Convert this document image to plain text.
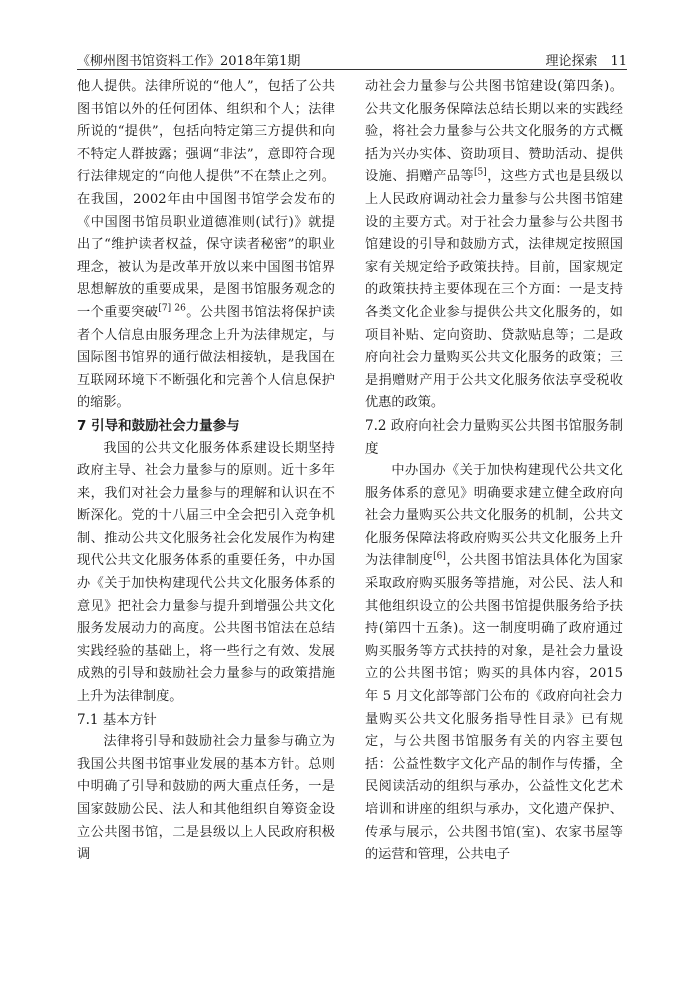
《柳州图书馆资料工作》2018年第1期	理论探索　11

他人提供。法律所说的“他人”，包括了公共图书馆以外的任何团体、组织和个人；法律所说的“提供”，包括向特定第三方提供和向不特定人群披露；强调“非法”，意即符合现行法律规定的“向他人提供”不在禁止之列。在我国，2002年由中国图书馆学会发布的《中国图书馆员职业道德准则(试行)》就提出了“维护读者权益，保守读者秘密”的职业理念，被认为是改革开放以来中国图书馆界思想解放的重要成果，是图书馆服务观念的一个重要突破$^{[7] 26}$。公共图书馆法将保护读者个人信息由服务理念上升为法律规定，与国际图书馆界的通行做法相接轨，是我国在互联网环境下不断强化和完善个人信息保护的缩影。

7 引导和鼓励社会力量参与

我国的公共文化服务体系建设长期坚持政府主导、社会力量参与的原则。近十多年来，我们对社会力量参与的理解和认识在不断深化。党的十八届三中全会把引入竞争机制、推动公共文化服务社会化发展作为构建现代公共文化服务体系的重要任务，中办国办《关于加快构建现代公共文化服务体系的意见》把社会力量参与提升到增强公共文化服务发展动力的高度。公共图书馆法在总结实践经验的基础上，将一些行之有效、发展成熟的引导和鼓励社会力量参与的政策措施上升为法律制度。

7.1 基本方针

法律将引导和鼓励社会力量参与确立为我国公共图书馆事业发展的基本方针。总则中明确了引导和鼓励的两大重点任务，一是国家鼓励公民、法人和其他组织自筹资金设立公共图书馆，二是县级以上人民政府积极调

动社会力量参与公共图书馆建设(第四条)。公共文化服务保障法总结长期以来的实践经验，将社会力量参与公共文化服务的方式概括为兴办实体、资助项目、赞助活动、提供设施、捐赠产品等[5]，这些方式也是县级以上人民政府调动社会力量参与公共图书馆建设的主要方式。对于社会力量参与公共图书馆建设的引导和鼓励方式，法律规定按照国家有关规定给予政策扶持。目前，国家规定的政策扶持主要体现在三个方面：一是支持各类文化企业参与提供公共文化服务的，如项目补贴、定向资助、贷款贴息等；二是政府向社会力量购买公共文化服务的政策；三是捐赠财产用于公共文化服务依法享受税收优惠的政策。

7.2 政府向社会力量购买公共图书馆服务制度

中办国办《关于加快构建现代公共文化服务体系的意见》明确要求建立健全政府向社会力量购买公共文化服务的机制，公共文化服务保障法将政府购买公共文化服务上升为法律制度[6]，公共图书馆法具体化为国家采取政府购买服务等措施，对公民、法人和其他组织设立的公共图书馆提供服务给予扶持(第四十五条)。这一制度明确了政府通过购买服务等方式扶持的对象，是社会力量设立的公共图书馆；购买的具体内容，2015 年 5 月文化部等部门公布的《政府向社会力量购买公共文化服务指导性目录》已有规定，与公共图书馆服务有关的内容主要包括：公益性数字文化产品的制作与传播，全民阅读活动的组织与承办，公益性文化艺术培训和讲座的组织与承办，文化遗产保护、传承与展示，公共图书馆(室)、农家书屋等的运营和管理，公共电子
